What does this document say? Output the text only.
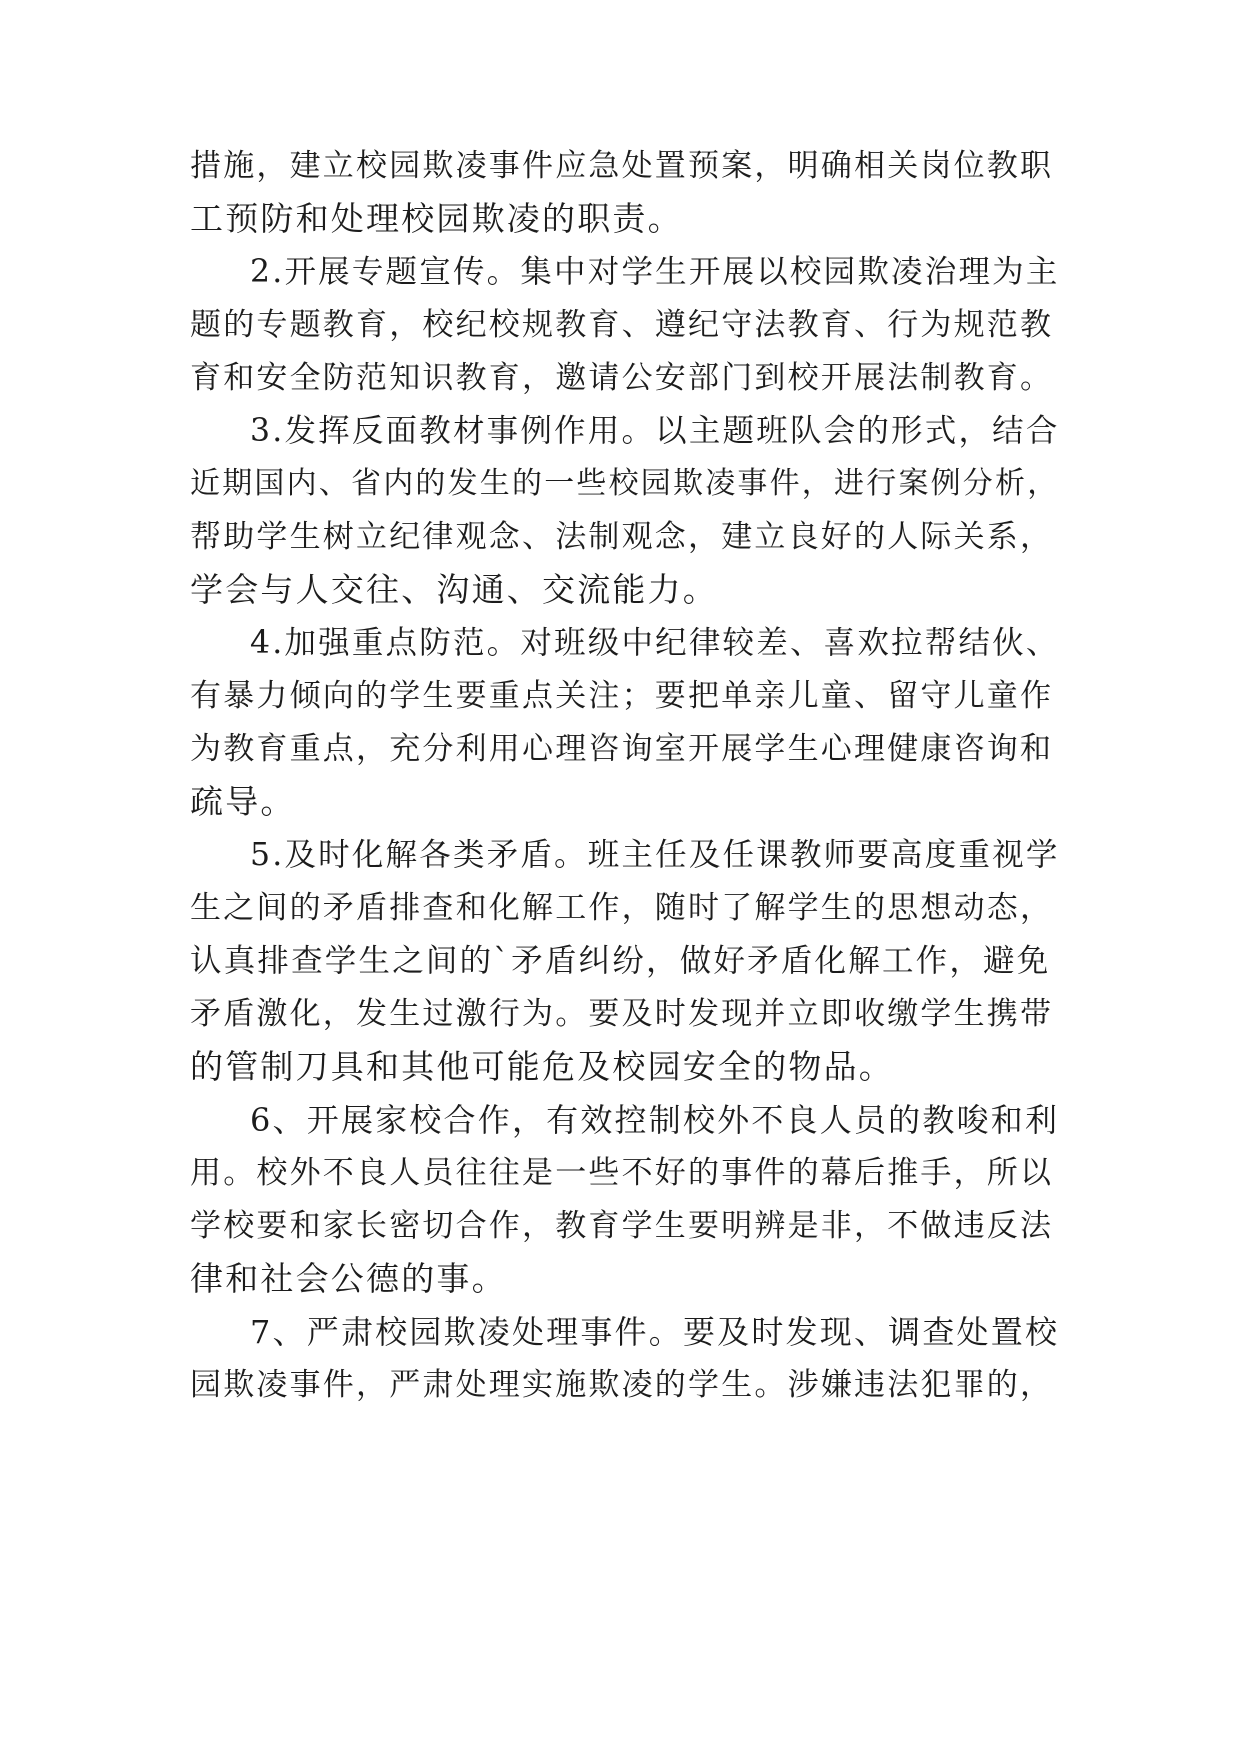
措施，建立校园欺凌事件应急处置预案，明确相关岗位教职

工预防和处理校园欺凌的职责。

2.开展专题宣传。集中对学生开展以校园欺凌治理为主

题的专题教育，校纪校规教育、遵纪守法教育、行为规范教

育和安全防范知识教育，邀请公安部门到校开展法制教育。

3.发挥反面教材事例作用。以主题班队会的形式，结合

近期国内、省内的发生的一些校园欺凌事件，进行案例分析，

帮助学生树立纪律观念、法制观念，建立良好的人际关系，

学会与人交往、沟通、交流能力。

4.加强重点防范。对班级中纪律较差、喜欢拉帮结伙、

有暴力倾向的学生要重点关注；要把单亲儿童、留守儿童作

为教育重点，充分利用心理咨询室开展学生心理健康咨询和

疏导。

5.及时化解各类矛盾。班主任及任课教师要高度重视学

生之间的矛盾排查和化解工作，随时了解学生的思想动态，

认真排查学生之间的`矛盾纠纷，做好矛盾化解工作，避免

矛盾激化，发生过激行为。要及时发现并立即收缴学生携带

的管制刀具和其他可能危及校园安全的物品。

6、开展家校合作，有效控制校外不良人员的教唆和利

用。校外不良人员往往是一些不好的事件的幕后推手，所以

学校要和家长密切合作，教育学生要明辨是非，不做违反法

律和社会公德的事。

7、严肃校园欺凌处理事件。要及时发现、调查处置校

园欺凌事件，严肃处理实施欺凌的学生。涉嫌违法犯罪的，
